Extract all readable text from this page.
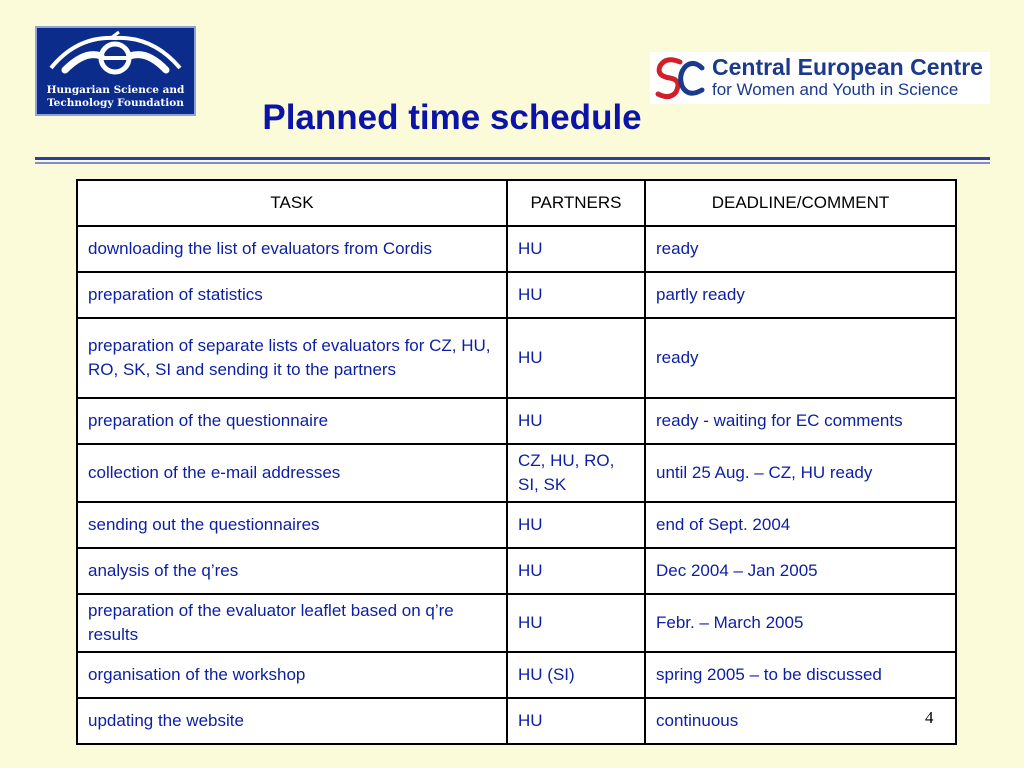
Hungarian Science and
Technology Foundation
Central European Centre
for Women and Youth in Science
Planned time schedule
TASK	PARTNERS	DEADLINE/COMMENT
downloading the list of evaluators from Cordis	HU	ready
preparation of statistics	HU	partly ready
preparation of separate lists of evaluators for CZ, HU, RO, SK, SI and sending it to the partners	HU	ready
preparation of the questionnaire	HU	ready - waiting for EC comments
collection of the e-mail addresses	CZ, HU, RO, SI, SK	until 25 Aug. – CZ, HU ready
sending out the questionnaires	HU	end of Sept. 2004
analysis of the q’res	HU	Dec 2004 – Jan 2005
preparation of the evaluator leaflet based on q’re results	HU	Febr. – March 2005
organisation of the workshop	HU (SI)	spring 2005 – to be discussed
updating the website	HU	continuous	4
